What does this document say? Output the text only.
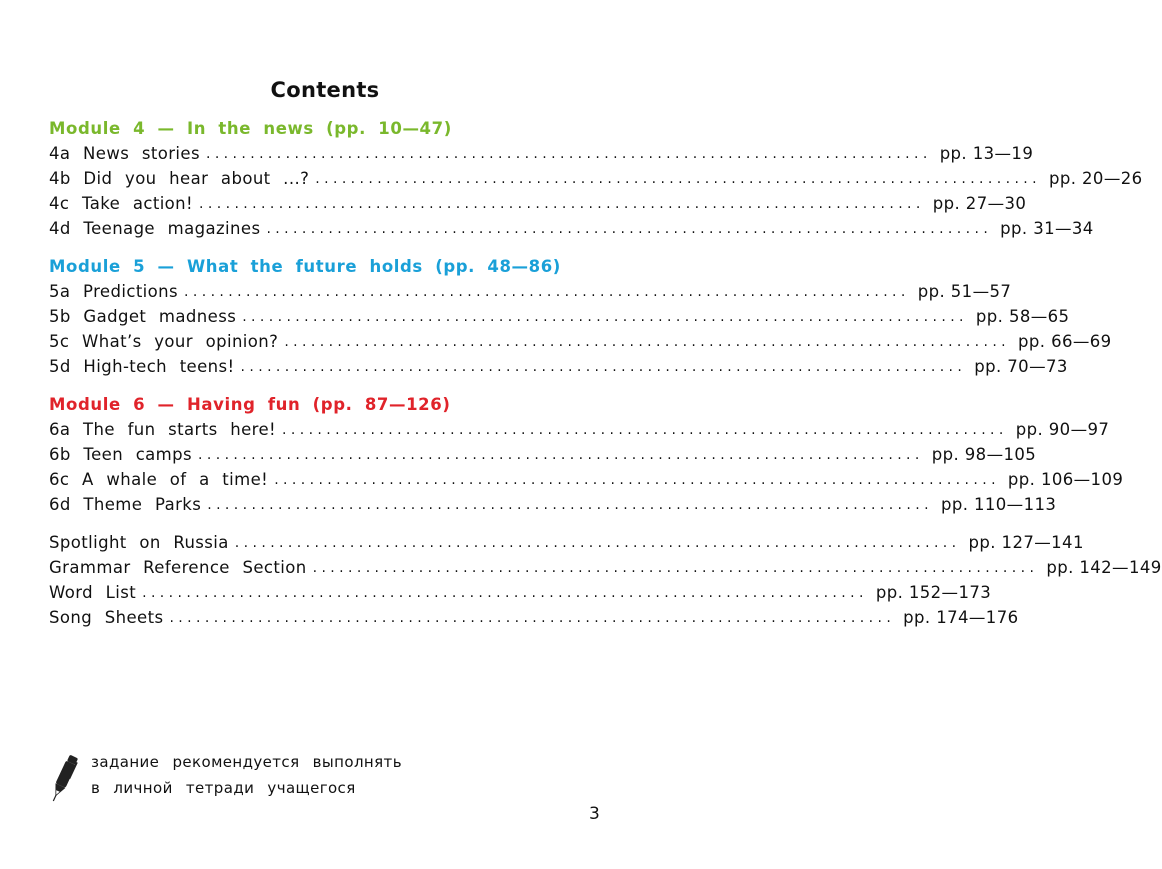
Contents
Module 4 — In the news (pp. 10—47)
4a News stories .................................................................................. pp. 13—19
4b Did you hear about ...? .................................................................................. pp. 20—26
4c Take action! .................................................................................. pp. 27—30
4d Teenage magazines .................................................................................. pp. 31—34
Module 5 — What the future holds (pp. 48—86)
5a Predictions .................................................................................. pp. 51—57
5b Gadget madness .................................................................................. pp. 58—65
5c What’s your opinion? .................................................................................. pp. 66—69
5d High-tech teens! .................................................................................. pp. 70—73
Module 6 — Having fun (pp. 87—126)
6a The fun starts here! .................................................................................. pp. 90—97
6b Teen camps .................................................................................. pp. 98—105
6c A whale of a time! .................................................................................. pp. 106—109
6d Theme Parks .................................................................................. pp. 110—113
Spotlight on Russia .................................................................................. pp. 127—141
Grammar Reference Section .................................................................................. pp. 142—149
Word List .................................................................................. pp. 152—173
Song Sheets .................................................................................. pp. 174—176
задание рекомендуется выполнять
в личной тетради учащегося
3
